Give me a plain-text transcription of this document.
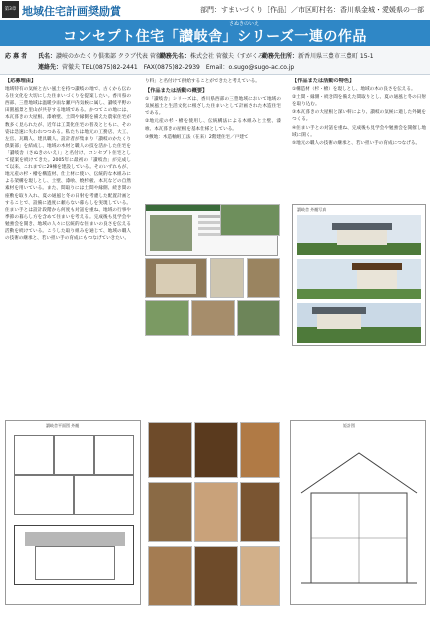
第3章 地域住宅計画奨励賞	部門：すまいづくり［作品］／市区町村名：香川県金城・愛媛県の一部
さぬきのいえ
コンセプト住宅「讃岐舎」シリーズ一連の作品
応 募 者 氏名：讃岐のかたくり倶楽部 クラブ代表 菅徹夫
勤務先名：株式会社 菅徹夫（すがくみ）
勤務先住所：新香川県三豊市三豊町 15-1
連絡先：菅徹夫 TEL(0875)82-2441　FAX(0875)82-2939　Email：o.sugo@sugo-ac.co.jp
【応募理由】

地域特有の気候と古い風土を持つ讃岐の地で、古くから伝わる住文化を大切にした住まいづくりを提案したい。香川県の西部、三豊地域は温暖少雨な瀬戸内気候に属し、讃岐平野の田園風景と里山が共存する地域である。かつてこの地には、本瓦葺きの大屋根、漆喰壁、土間や縁側を備えた農家住宅が数多く見られたが、近年は工業化住宅の普及とともに、その姿は急速に失われつつある。私たちは地元の工務店、大工、左官、瓦職人、建具職人、設計者が集まり「讃岐のかたくり倶楽部」を結成し、地域の木材と職人の技を活かした住宅を「讃岐舎（さぬきのいえ）」と名付け、コンセプト住宅として提案を続けてきた。2005年に最初の「讃岐舎」が完成して以来、これまでに29棟を建設している。そのいずれもが、地元産の杉・檜を構造材、仕上材に使い、伝統的な木組みによる架構を現しとし、土壁、漆喰、焼杉板、本瓦などの自然素材を用いている。また、間取りには土間や縁側、続き間の座敷を取り入れ、夏の通風と冬の日射を考慮した配置計画とすることで、設備に過度に頼らない暮らしを実現している。住まい手とは設計段階から何度も対話を重ね、地域の行事や季節の暮らし方を含めて住まいを考える。完成後も見学会や勉強会を開き、地域の人々に伝統的な住まいの良さを伝える活動を続けている。こうした取り組みを通じて、地域の職人の技術の継承と、若い担い手の育成にもつなげていきたい。

り料」と名付けて供給することができたと考えている。

【作品または活動の概要】
①「讃岐舎」シリーズは、香川県西部の三豊地域において地域の気候風土と生活文化に根ざした住まいとして計画された木造住宅である。
②地元産の杉・檜を使用し、伝統構法による木組みと土壁、漆喰、本瓦葺きの屋根を基本仕様としている。
③敷地：木造軸組工法（在来）2階建住宅／戸建て
【作品または活動の特色】
①構造材（杉・檜）を現しとし、地域の木の良さを伝える。
②土間・縁側・続き間を備えた間取りとし、夏の通風と冬の日射を取り込む。
③本瓦葺きの大屋根と深い軒により、讃岐の気候に適した外観をつくる。
④住まい手との対話を重ね、完成後も見学会や勉強会を開催し地域に開く。
⑤地元の職人の技術の継承と、若い担い手の育成につなげる。
讃岐舎 外観写真
讃岐舎平面図 外観	矩計図
